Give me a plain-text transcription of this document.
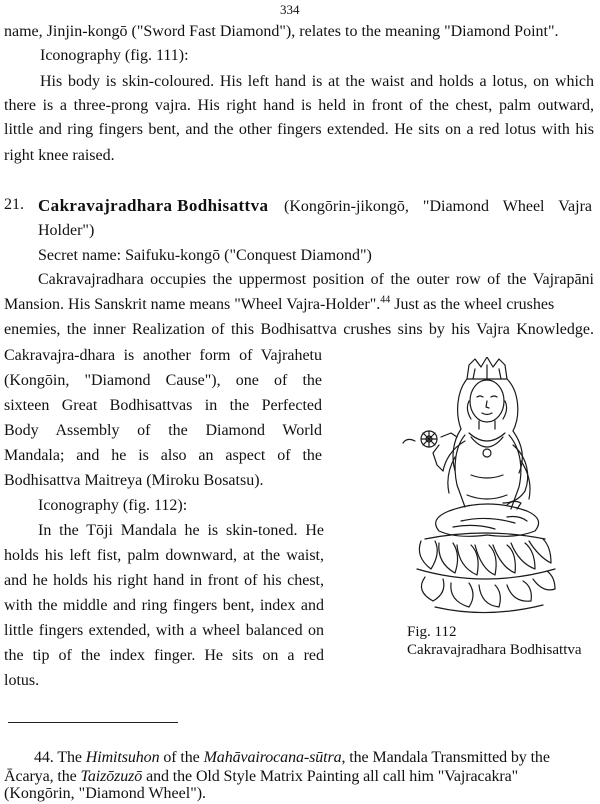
334
name, Jinjin-kongō ("Sword Fast Diamond"), relates to the meaning "Diamond Point".
Iconography (fig. 111):
His body is skin-coloured. His left hand is at the waist and holds a lotus, on which
there is a three-prong vajra. His right hand is held in front of the chest, palm outward,
little and ring fingers bent, and the other fingers extended. He sits on a red lotus with his
right knee raised.
21. Cakravajradhara Bodhisattva (Kongōrin-jikongō, "Diamond Wheel Vajra
Holder")
Secret name: Saifuku-kongō ("Conquest Diamond")
Cakravajradhara occupies the uppermost position of the outer row of the Vajrapāni
Mansion. His Sanskrit name means "Wheel Vajra-Holder".$^{44}$ Just as the wheel crushes
enemies, the inner Realization of this Bodhisattva crushes sins by his Vajra Knowledge.
Cakravajra-dhara is another form of Vajrahetu
(Kongōin, "Diamond Cause"), one of the
sixteen Great Bodhisattvas in the Perfected
Body Assembly of the Diamond World
Mandala; and he is also an aspect of the
Bodhisattva Maitreya (Miroku Bosatsu).
Iconography (fig. 112):
In the Tōji Mandala he is skin-toned. He
holds his left fist, palm downward, at the waist,
and he holds his right hand in front of his chest,
with the middle and ring fingers bent, index and
little fingers extended, with a wheel balanced on
the tip of the index finger. He sits on a red
lotus.
Fig. 112
Cakravajradhara Bodhisattva
44. The Himitsuhon of the Mahāvairocana-sūtra, the Mandala Transmitted by the
Ācarya, the Taizōzuzō and the Old Style Matrix Painting all call him "Vajracakra"
(Kongōrin, "Diamond Wheel").
